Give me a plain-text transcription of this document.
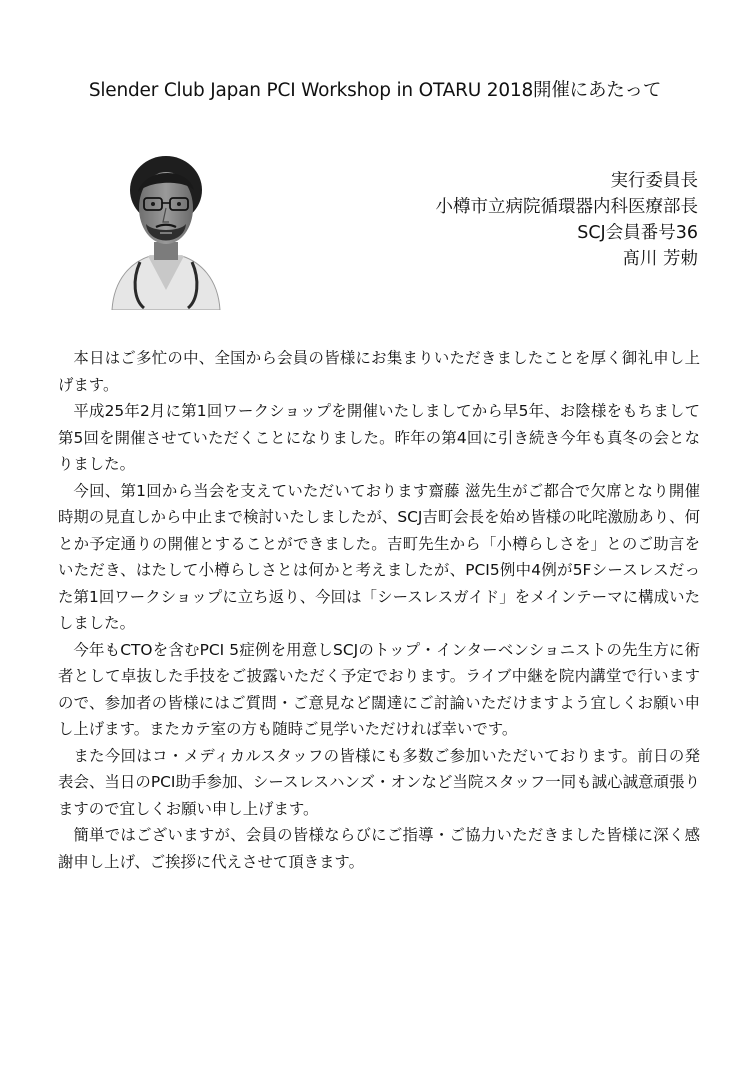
Slender Club Japan PCI Workshop in OTARU 2018開催にあたって
実行委員長
小樽市立病院循環器内科医療部長
SCJ会員番号36
髙川 芳勅

本日はご多忙の中、全国から会員の皆様にお集まりいただきましたことを厚く御礼申し上げます。

平成25年2月に第1回ワークショップを開催いたしましてから早5年、お陰様をもちまして第5回を開催させていただくことになりました。昨年の第4回に引き続き今年も真冬の会となりました。

今回、第1回から当会を支えていただいております齋藤 滋先生がご都合で欠席となり開催時期の見直しから中止まで検討いたしましたが、SCJ吉町会長を始め皆様の叱咤激励あり、何とか予定通りの開催とすることができました。吉町先生から「小樽らしさを」とのご助言をいただき、はたして小樽らしさとは何かと考えましたが、PCI5例中4例が5Fシースレスだった第1回ワークショップに立ち返り、今回は「シースレスガイド」をメインテーマに構成いたしました。

今年もCTOを含むPCI 5症例を用意しSCJのトップ・インターベンショニストの先生方に術者として卓抜した手技をご披露いただく予定でおります。ライブ中継を院内講堂で行いますので、参加者の皆様にはご質問・ご意見など闊達にご討論いただけますよう宜しくお願い申し上げます。またカテ室の方も随時ご見学いただければ幸いです。

また今回はコ・メディカルスタッフの皆様にも多数ご参加いただいております。前日の発表会、当日のPCI助手参加、シースレスハンズ・オンなど当院スタッフ一同も誠心誠意頑張りますので宜しくお願い申し上げます。

簡単ではございますが、会員の皆様ならびにご指導・ご協力いただきました皆様に深く感謝申し上げ、ご挨拶に代えさせて頂きます。
